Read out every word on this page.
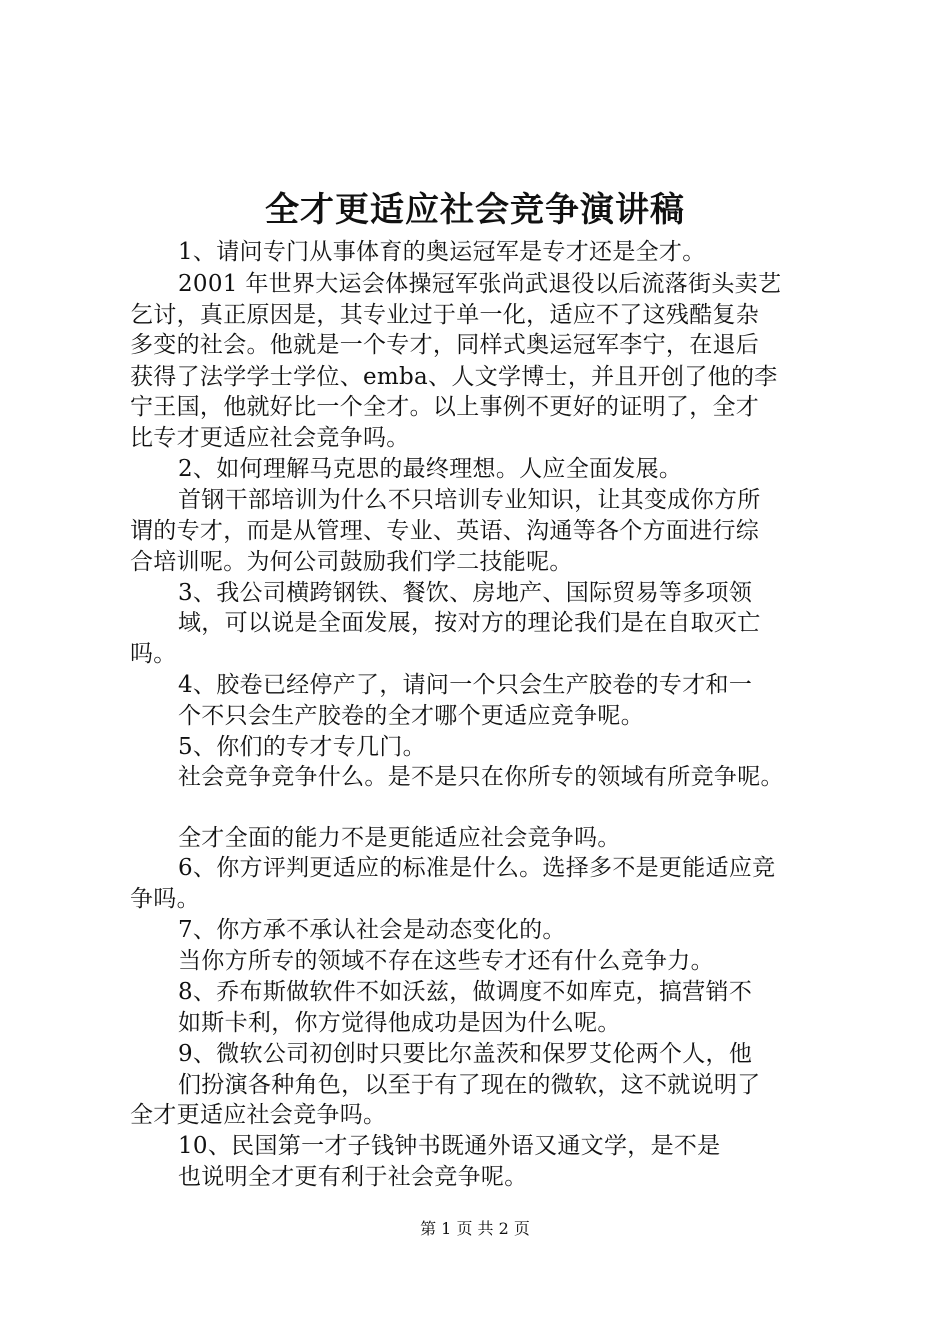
全才更适应社会竞争演讲稿
1、请问专门从事体育的奥运冠军是专才还是全才。
2001 年世界大运会体操冠军张尚武退役以后流落街头卖艺
乞讨，真正原因是，其专业过于单一化，适应不了这残酷复杂
多变的社会。他就是一个专才，同样式奥运冠军李宁，在退后
获得了法学学士学位、emba、人文学博士，并且开创了他的李
宁王国，他就好比一个全才。以上事例不更好的证明了，全才
比专才更适应社会竞争吗。
2、如何理解马克思的最终理想。人应全面发展。
首钢干部培训为什么不只培训专业知识，让其变成你方所
谓的专才，而是从管理、专业、英语、沟通等各个方面进行综
合培训呢。为何公司鼓励我们学二技能呢。
3、我公司横跨钢铁、餐饮、房地产、国际贸易等多项领
域，可以说是全面发展，按对方的理论我们是在自取灭亡
吗。
4、胶卷已经停产了，请问一个只会生产胶卷的专才和一
个不只会生产胶卷的全才哪个更适应竞争呢。
5、你们的专才专几门。
社会竞争竞争什么。是不是只在你所专的领域有所竞争呢。
全才全面的能力不是更能适应社会竞争吗。
6、你方评判更适应的标准是什么。选择多不是更能适应竞
争吗。
7、你方承不承认社会是动态变化的。
当你方所专的领域不存在这些专才还有什么竞争力。
8、乔布斯做软件不如沃兹，做调度不如库克，搞营销不
如斯卡利，你方觉得他成功是因为什么呢。
9、微软公司初创时只要比尔盖茨和保罗艾伦两个人，他
们扮演各种角色，以至于有了现在的微软，这不就说明了
全才更适应社会竞争吗。
10、民国第一才子钱钟书既通外语又通文学，是不是
也说明全才更有利于社会竞争呢。
第 1 页 共 2 页
